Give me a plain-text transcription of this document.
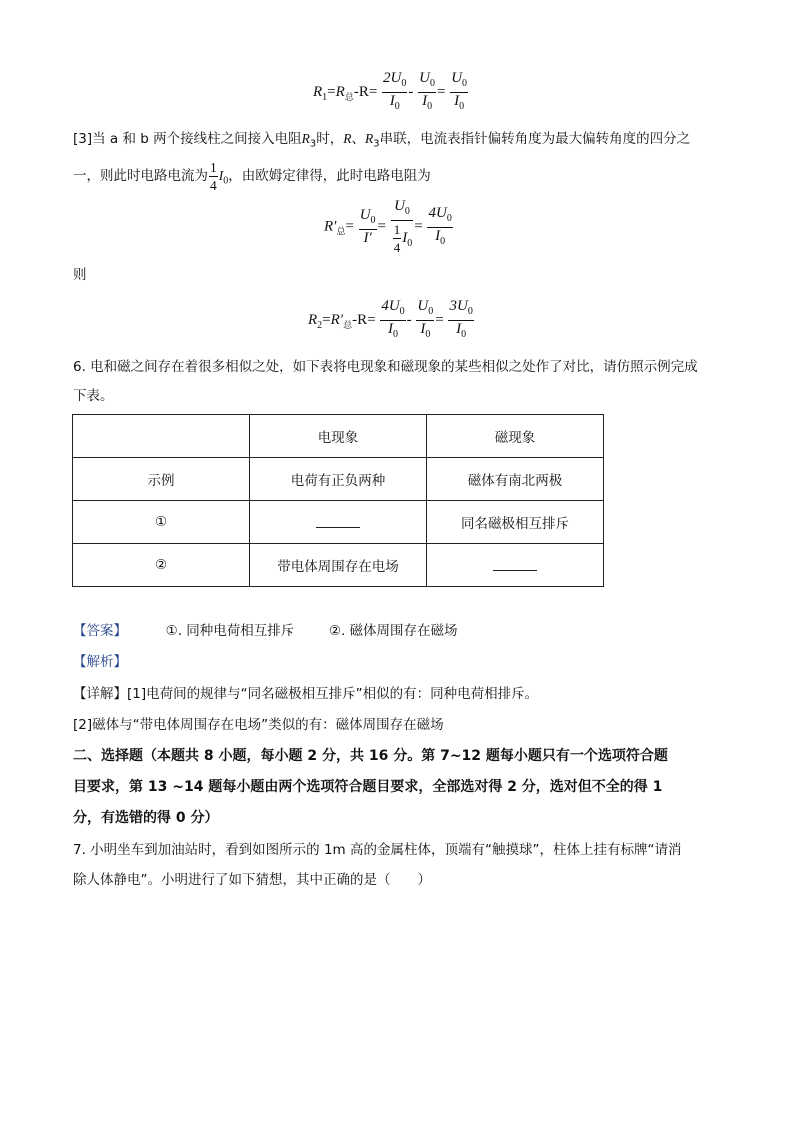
$R_1=R_总-R= \frac{2U_0}{I_0} - \frac{U_0}{I_0} = \frac{U_0}{I_0}$
[3]当 a 和 b 两个接线柱之间接入电阻$R_3$时，R、$R_3$串联，电流表指针偏转角度为最大偏转角度的四分之
一，则此时电路电流为 $\frac{1}{4} I_0$，由欧姆定律得，此时电路电阻为
$R'_总= \frac{U_0}{I'} = \frac{U_0}{\frac{1}{4} I_0} = \frac{4U_0}{I_0}$
则
$R_2=R'_总-R= \frac{4U_0}{I_0} - \frac{U_0}{I_0} = \frac{3U_0}{I_0}$
6. 电和磁之间存在着很多相似之处，如下表将电现象和磁现象的某些相似之处作了对比，请仿照示例完成
下表。
	电现象	磁现象
示例	电荷有正负两种	磁体有南北两极
①		同名磁极相互排斥
②	带电体周围存在电场	
【答案】	①. 同种电荷相互排斥	②. 磁体周围存在磁场
【解析】
【详解】[1]电荷间的规律与“同名磁极相互排斥”相似的有：同种电荷相排斥。
[2]磁体与“带电体周围存在电场”类似的有：磁体周围存在磁场
二、选择题（本题共 8 小题，每小题 2 分，共 16 分。第 7~12 题每小题只有一个选项符合题
目要求，第 13 ~14 题每小题由两个选项符合题目要求，全部选对得 2 分，选对但不全的得 1
分，有选错的得 0 分）
7. 小明坐车到加油站时，看到如图所示的 1m 高的金属柱体，顶端有“触摸球”，柱体上挂有标牌“请消
除人体静电”。小明进行了如下猜想，其中正确的是（　　）
